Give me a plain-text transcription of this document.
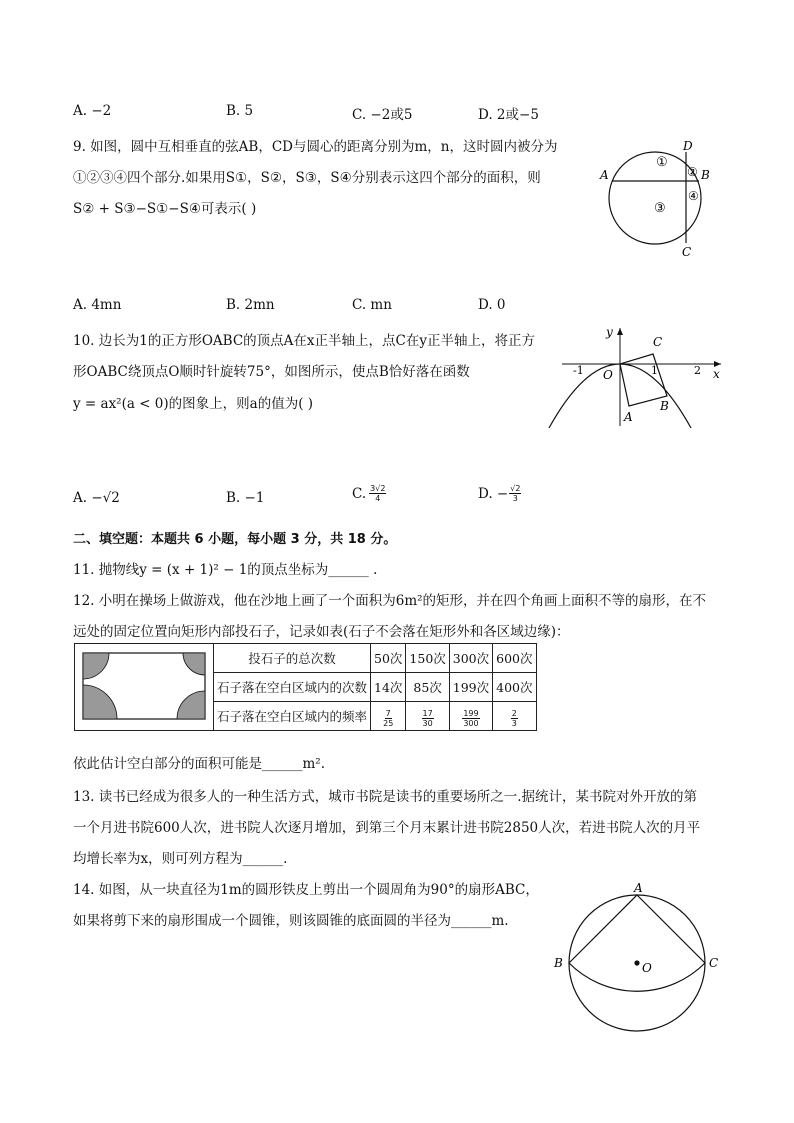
A. −2	B. 5	C. −2或5	D. 2或−5
9. 如图，圆中互相垂直的弦AB，CD与圆心的距离分别为m，n，这时圆内被分为
①②③④四个部分.如果用S①，S②，S③，S④分别表示这四个部分的面积，则
S② + S③−S①−S④可表示( )
A	B
C
D
①
②
③
④
A. 4mn	B. 2mn	C. mn	D. 0
10. 边长为1的正方形OABC的顶点A在x正半轴上，点C在y正半轴上，将正方
形OABC绕顶点O顺时针旋转75°，如图所示，使点B恰好落在函数
y = ax²(a < 0)的图象上，则a的值为( )
y
x
O
-1	1	2
A
B
C
A. −√2	B. −1	C. $\frac{3√2}{4}$	D. − $\frac{√2}{3}$
二、填空题：本题共 6 小题，每小题 3 分，共 18 分。
11. 抛物线y = (x + 1)² − 1的顶点坐标为______ .
12. 小明在操场上做游戏，他在沙地上画了一个面积为6m²的矩形，并在四个角画上面积不等的扇形，在不
远处的固定位置向矩形内部投石子，记录如表(石子不会落在矩形外和各区域边缘)：
	投石子的总次数	50次	150次	300次	600次
	石子落在空白区域内的次数	14次	85次	199次	400次
	石子落在空白区域内的频率	$\frac{7}{25}$	$\frac{17}{30}$	$\frac{199}{300}$	$\frac{2}{3}$
依此估计空白部分的面积可能是______m².
13. 读书已经成为很多人的一种生活方式，城市书院是读书的重要场所之一.据统计，某书院对外开放的第
一个月进书院600人次，进书院人次逐月增加，到第三个月末累计进书院2850人次，若进书院人次的月平
均增长率为x，则可列方程为______.
14. 如图，从一块直径为1m的圆形铁皮上剪出一个圆周角为90°的扇形ABC，
如果将剪下来的扇形围成一个圆锥，则该圆锥的底面圆的半径为______m.
A
B	C
O
